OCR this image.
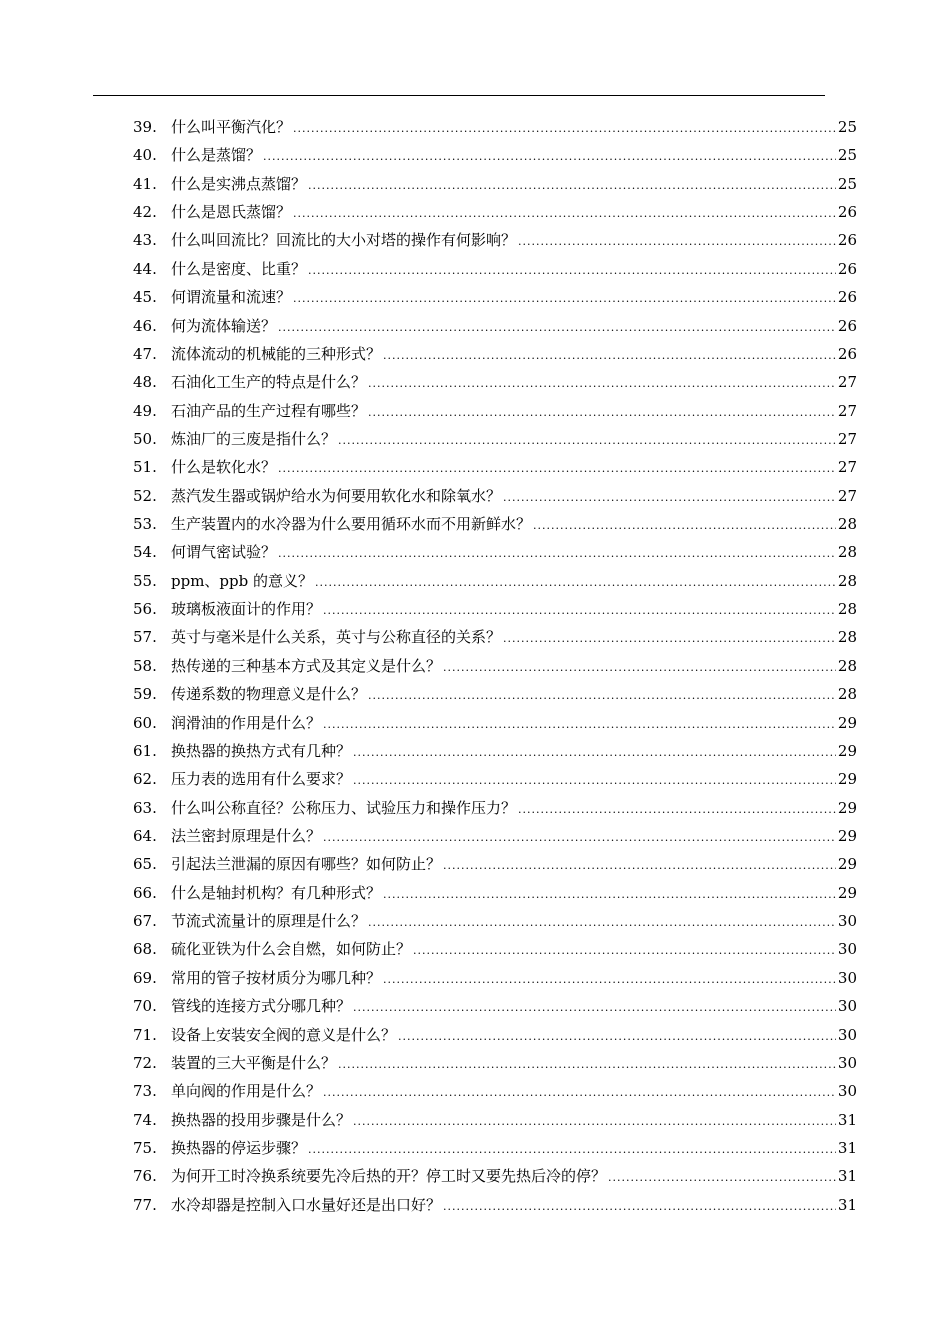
39. 什么叫平衡汽化？ .....	25
40. 什么是蒸馏？ .....	25
41. 什么是实沸点蒸馏？ .....	25
42. 什么是恩氏蒸馏？ .....	26
43. 什么叫回流比？回流比的大小对塔的操作有何影响？ .....	26
44. 什么是密度、比重？ .....	26
45. 何谓流量和流速？ .....	26
46. 何为流体输送？ .....	26
47. 流体流动的机械能的三种形式？ .....	26
48. 石油化工生产的特点是什么？ .....	27
49. 石油产品的生产过程有哪些？ .....	27
50. 炼油厂的三废是指什么？ .....	27
51. 什么是软化水？ .....	27
52. 蒸汽发生器或锅炉给水为何要用软化水和除氧水？ .....	27
53. 生产装置内的水冷器为什么要用循环水而不用新鲜水？ .....	28
54. 何谓气密试验？ .....	28
55. ppm、ppb 的意义？ .....	28
56. 玻璃板液面计的作用？ .....	28
57. 英寸与毫米是什么关系，英寸与公称直径的关系？ .....	28
58. 热传递的三种基本方式及其定义是什么？ .....	28
59. 传递系数的物理意义是什么？ .....	28
60. 润滑油的作用是什么？ .....	29
61. 换热器的换热方式有几种？ .....	29
62. 压力表的选用有什么要求？ .....	29
63. 什么叫公称直径？公称压力、试验压力和操作压力？ .....	29
64. 法兰密封原理是什么？ .....	29
65. 引起法兰泄漏的原因有哪些？如何防止？ .....	29
66. 什么是轴封机构？有几种形式？ .....	29
67. 节流式流量计的原理是什么？ .....	30
68. 硫化亚铁为什么会自燃，如何防止？ .....	30
69. 常用的管子按材质分为哪几种？ .....	30
70. 管线的连接方式分哪几种？ .....	30
71. 设备上安装安全阀的意义是什么？ .....	30
72. 装置的三大平衡是什么？ .....	30
73. 单向阀的作用是什么？ .....	30
74. 换热器的投用步骤是什么？ .....	31
75. 换热器的停运步骤？ .....	31
76. 为何开工时冷换系统要先冷后热的开？停工时又要先热后冷的停？ .....	31
77. 水冷却器是控制入口水量好还是出口好？ .....	31
